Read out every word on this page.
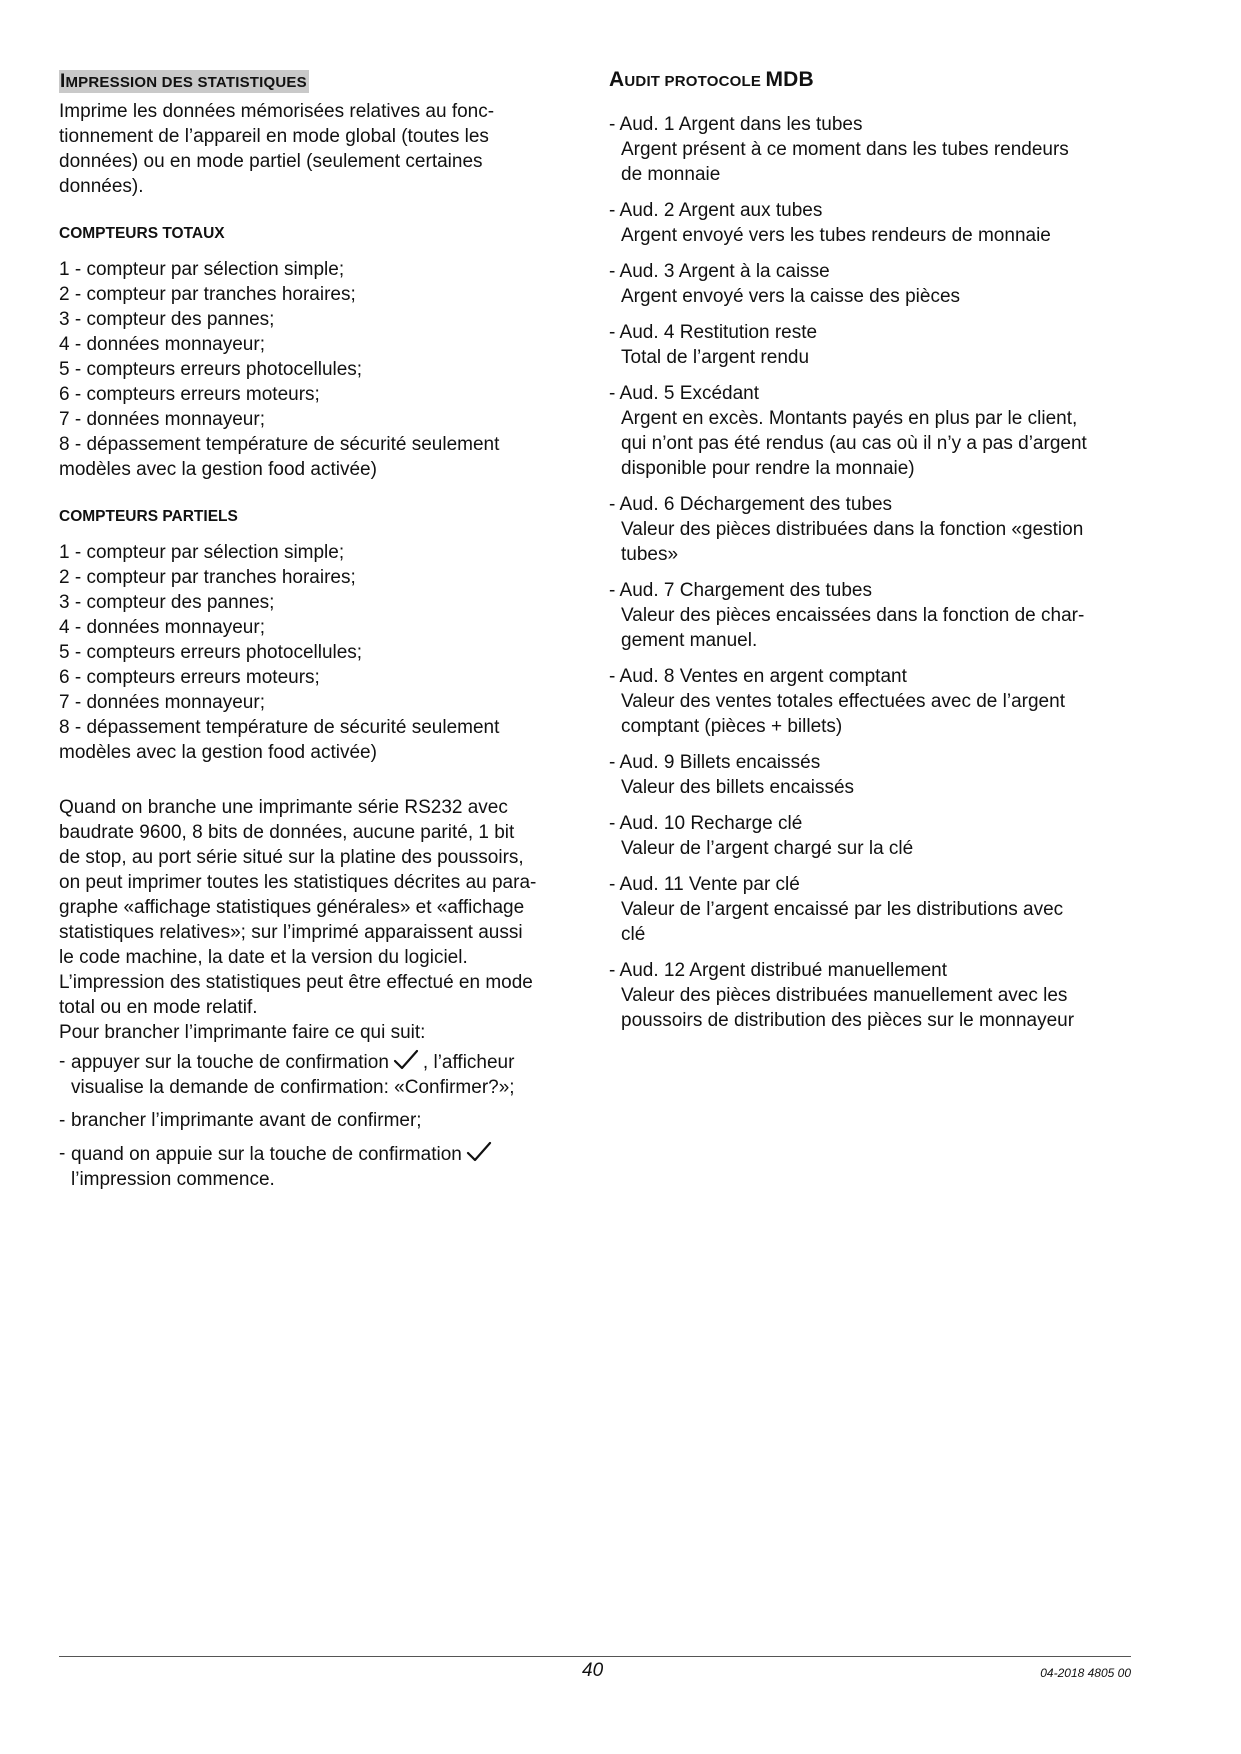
IMPRESSION DES STATISTIQUES
Imprime les données mémorisées relatives au fonc-
tionnement de l’appareil en mode global (toutes les
données) ou en mode partiel (seulement certaines
données).
COMPTEURS TOTAUX
1 - compteur par sélection simple;
2 - compteur par tranches horaires;
3 - compteur des pannes;
4 - données monnayeur;
5 - compteurs erreurs photocellules;
6 - compteurs erreurs moteurs;
7 - données monnayeur;
8 - dépassement température de sécurité seulement
modèles avec la gestion food activée)
COMPTEURS PARTIELS
1 - compteur par sélection simple;
2 - compteur par tranches horaires;
3 - compteur des pannes;
4 - données monnayeur;
5 - compteurs erreurs photocellules;
6 - compteurs erreurs moteurs;
7 - données monnayeur;
8 - dépassement température de sécurité seulement
modèles avec la gestion food activée)
Quand on branche une imprimante série RS232 avec
baudrate 9600, 8 bits de données, aucune parité, 1 bit
de stop, au port série situé sur la platine des poussoirs,
on peut imprimer toutes les statistiques décrites au para-
graphe «affichage statistiques générales» et «affichage
statistiques relatives»; sur l’imprimé apparaissent aussi
le code machine, la date et la version du logiciel.
L’impression des statistiques peut être effectué en mode
total ou en mode relatif.
Pour brancher l’imprimante faire ce qui suit:
- appuyer sur la touche de confirmation , l’afficheur
visualise la demande de confirmation: «Confirmer?»;
- brancher l’imprimante avant de confirmer;
- quand on appuie sur la touche de confirmation
l’impression commence.
AUDIT PROTOCOLE MDB
- Aud. 1 Argent dans les tubes
Argent présent à ce moment dans les tubes rendeurs
de monnaie
- Aud. 2 Argent aux tubes
Argent envoyé vers les tubes rendeurs de monnaie
- Aud. 3 Argent à la caisse
Argent envoyé vers la caisse des pièces
- Aud. 4 Restitution reste
Total de l’argent rendu
- Aud. 5 Excédant
Argent en excès. Montants payés en plus par le client,
qui n’ont pas été rendus (au cas où il n’y a pas d’argent
disponible pour rendre la monnaie)
- Aud. 6 Déchargement des tubes
Valeur des pièces distribuées dans la fonction «gestion
tubes»
- Aud. 7 Chargement des tubes
Valeur des pièces encaissées dans la fonction de char-
gement manuel.
- Aud. 8 Ventes en argent comptant
Valeur des ventes totales effectuées avec de l’argent
comptant (pièces + billets)
- Aud. 9 Billets encaissés
Valeur des billets encaissés
- Aud. 10 Recharge clé
Valeur de l’argent chargé sur la clé
- Aud. 11 Vente par clé
Valeur de l’argent encaissé par les distributions avec
clé
- Aud. 12 Argent distribué manuellement
Valeur des pièces distribuées manuellement avec les
poussoirs de distribution des pièces sur le monnayeur
40	04-2018 4805 00
